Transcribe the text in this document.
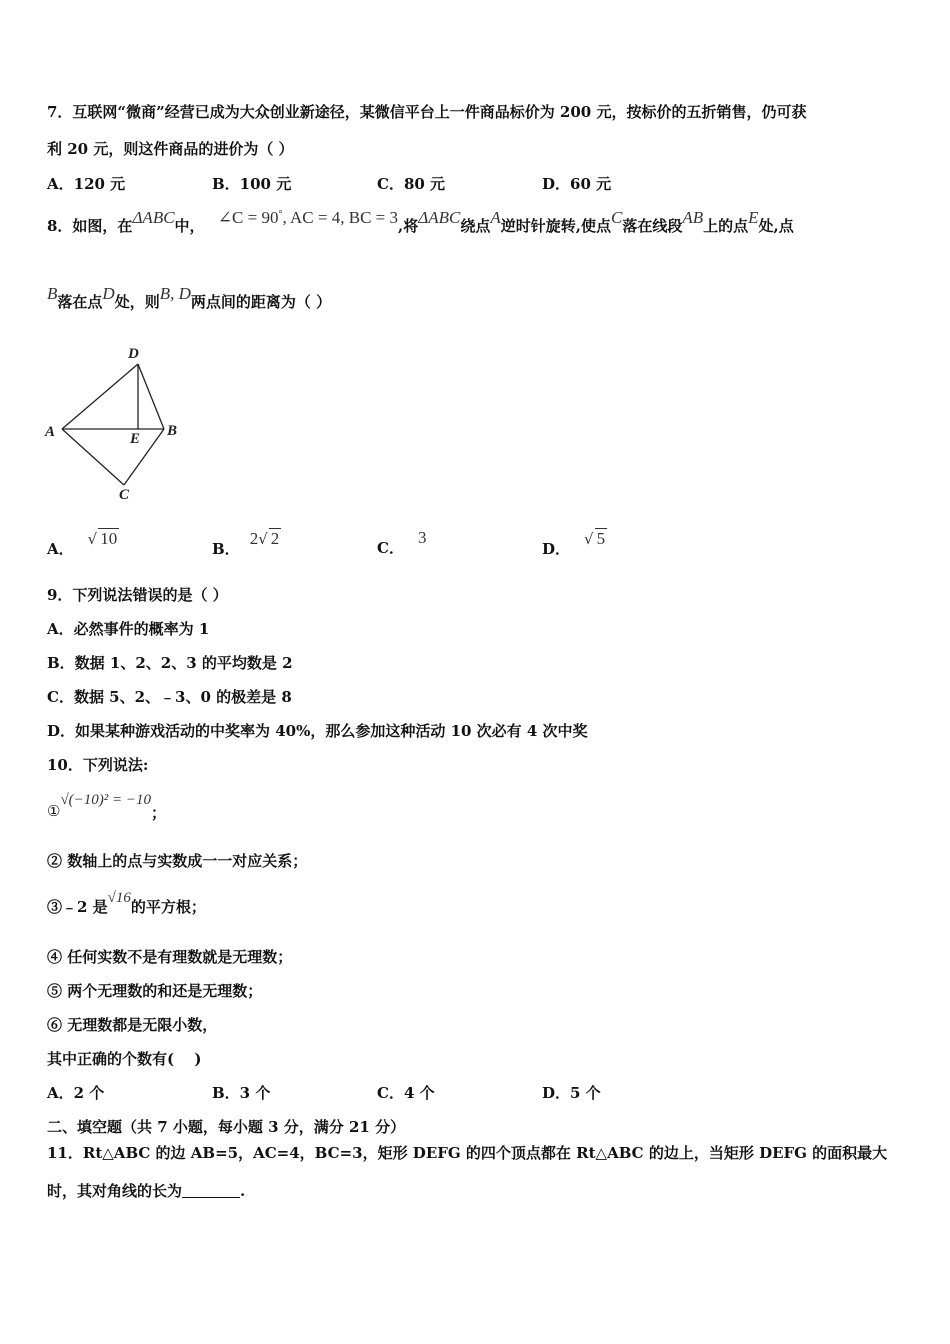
7．互联网“微商”经营已成为大众创业新途径，某微信平台上一件商品标价为 200 元，按标价的五折销售，仍可获
利 20 元，则这件商品的进价为（ ）
A．120 元	B．100 元	C．80 元	D．60 元
8．如图，在ΔABC中， ∠C = 90°, AC = 4, BC = 3,将ΔABC绕点A逆时针旋转,使点C落在线段AB上的点E处,点
B落在点D处，则B, D两点间的距离为（ ）
D
A	E B
C
A．√ 10
B．2√ 2	C．3
D．√ 5
9．下列说法错误的是（ ）
A．必然事件的概率为 1
B．数据 1、2、2、3 的平均数是 2
C．数据 5、2、﹣3、0 的极差是 8
D．如果某种游戏活动的中奖率为 40%，那么参加这种活动 10 次必有 4 次中奖
10．下列说法:
①√(−10)² = −10；
② 数轴上的点与实数成一一对应关系；
③﹣2 是√16的平方根；
④ 任何实数不是有理数就是无理数；
⑤ 两个无理数的和还是无理数；
⑥ 无理数都是无限小数，
其中正确的个数有(　 )
A．2 个	B．3 个	C．4 个	D．5 个
二、填空题（共 7 小题，每小题 3 分，满分 21 分）
11．Rt△ABC 的边 AB=5，AC=4，BC=3，矩形 DEFG 的四个顶点都在 Rt△ABC 的边上，当矩形 DEFG 的面积最大
时，其对角线的长为	.
